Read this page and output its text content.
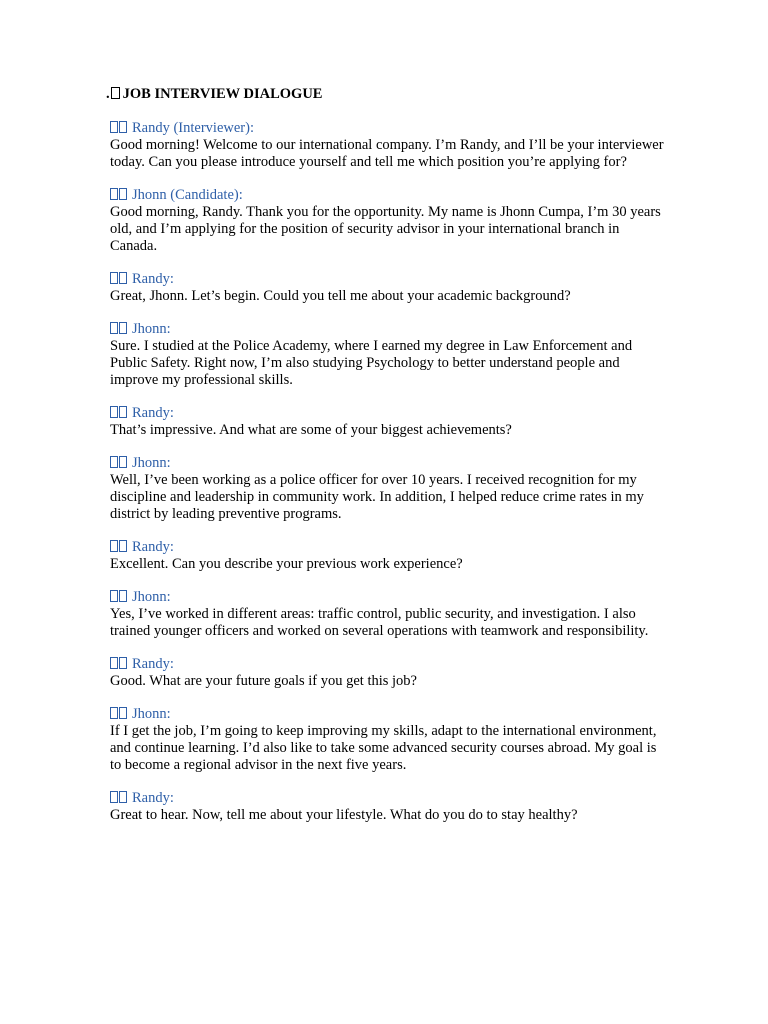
. JOB INTERVIEW DIALOGUE
Randy (Interviewer):

Good morning! Welcome to our international company. I’m Randy, and I’ll be your interviewer today. Can you please introduce yourself and tell me which position you’re applying for?

Jhonn (Candidate):

Good morning, Randy. Thank you for the opportunity. My name is Jhonn Cumpa, I’m 30 years old, and I’m applying for the position of security advisor in your international branch in Canada.

Randy:

Great, Jhonn. Let’s begin. Could you tell me about your academic background?

Jhonn:

Sure. I studied at the Police Academy, where I earned my degree in Law Enforcement and Public Safety. Right now, I’m also studying Psychology to better understand people and improve my professional skills.

Randy:

That’s impressive. And what are some of your biggest achievements?

Jhonn:

Well, I’ve been working as a police officer for over 10 years. I received recognition for my discipline and leadership in community work. In addition, I helped reduce crime rates in my district by leading preventive programs.

Randy:

Excellent. Can you describe your previous work experience?

Jhonn:

Yes, I’ve worked in different areas: traffic control, public security, and investigation. I also trained younger officers and worked on several operations with teamwork and responsibility.

Randy:

Good. What are your future goals if you get this job?

Jhonn:

If I get the job, I’m going to keep improving my skills, adapt to the international environment, and continue learning. I’d also like to take some advanced security courses abroad. My goal is to become a regional advisor in the next five years.

Randy:

Great to hear. Now, tell me about your lifestyle. What do you do to stay healthy?
